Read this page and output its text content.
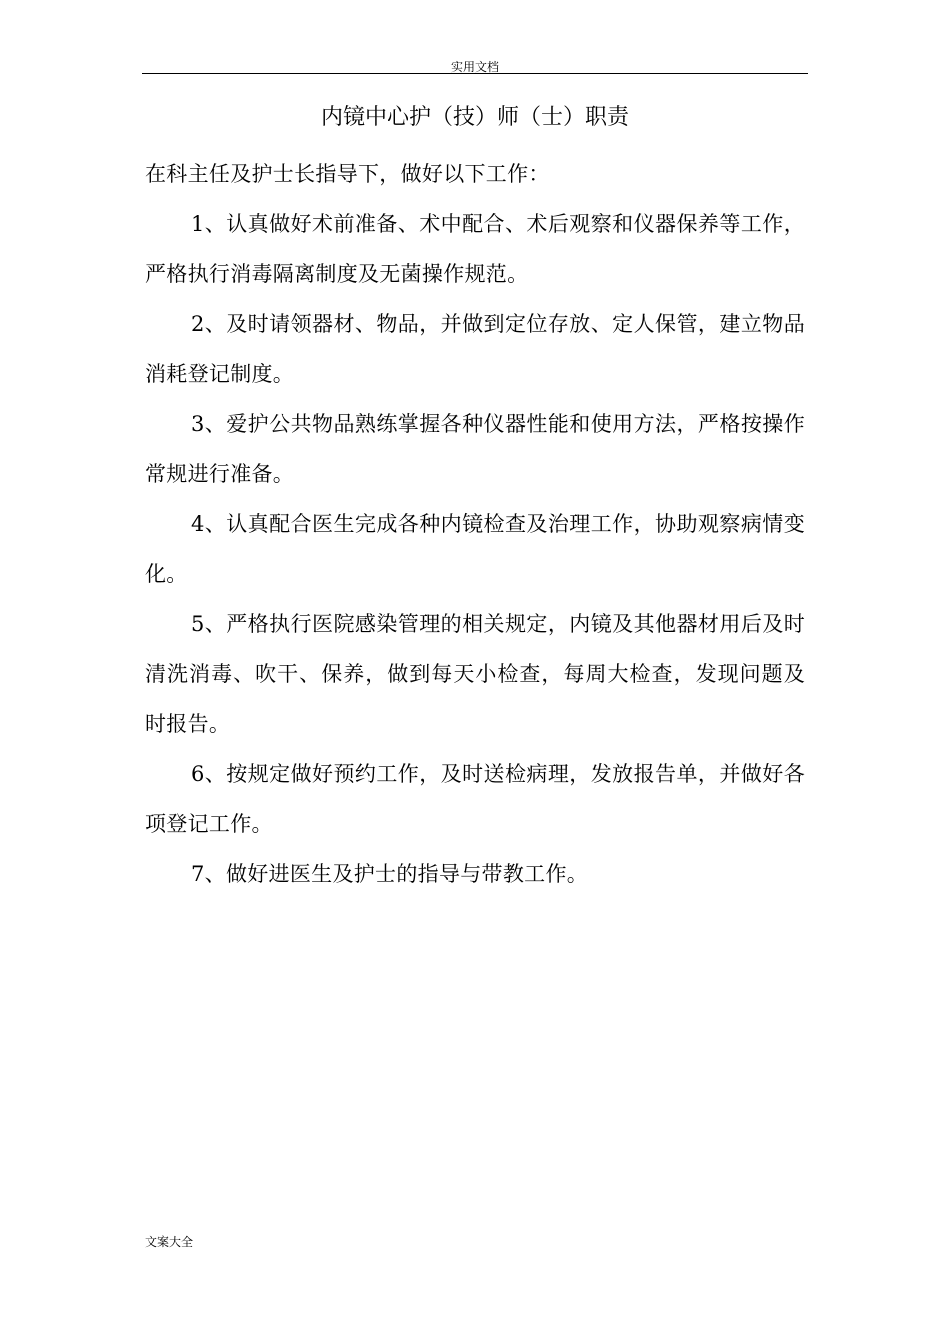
实用文档
内镜中心护（技）师（士）职责

在科主任及护士长指导下，做好以下工作：

1、认真做好术前准备、术中配合、术后观察和仪器保养等工作，严格执行消毒隔离制度及无菌操作规范。

2、及时请领器材、物品，并做到定位存放、定人保管，建立物品消耗登记制度。

3、爱护公共物品熟练掌握各种仪器性能和使用方法，严格按操作常规进行准备。

4、认真配合医生完成各种内镜检查及治理工作，协助观察病情变化。

5、严格执行医院感染管理的相关规定，内镜及其他器材用后及时清洗消毒、吹干、保养，做到每天小检查，每周大检查，发现问题及时报告。

6、按规定做好预约工作，及时送检病理，发放报告单，并做好各项登记工作。

7、做好进医生及护士的指导与带教工作。

文案大全
